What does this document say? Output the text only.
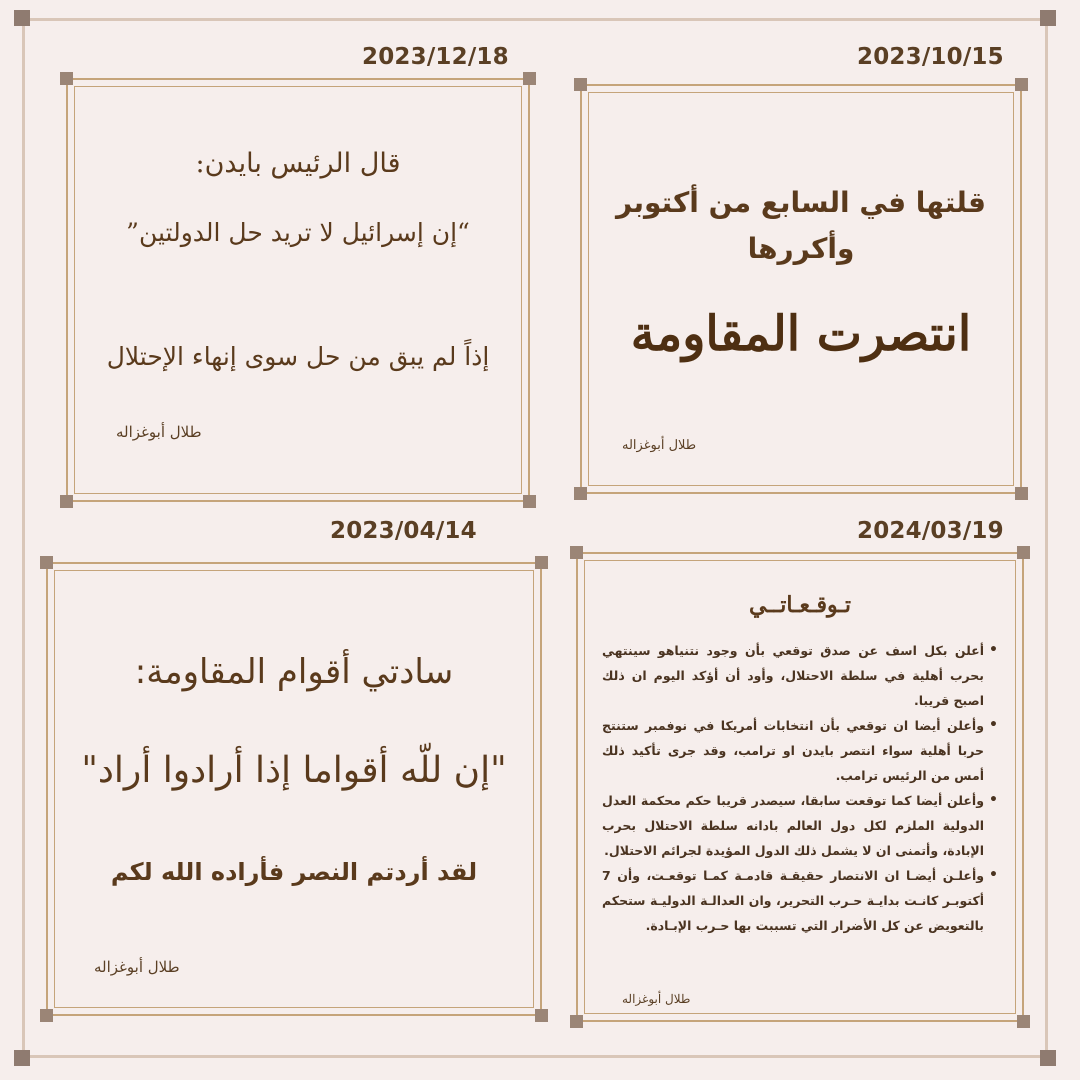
2023/12/18	2023/10/15
2023/04/14	2024/03/19
قال الرئيس بايدن:
“إن إسرائيل لا تريد حل الدولتين”
إذاً لم يبق من حل سوى إنهاء الإحتلال
طلال أبوغزاله
قلتها في السابع من أكتوبر
وأكررها
انتصرت المقاومة
طلال أبوغزاله
سادتي أقوام المقاومة:
"إن للّه أقواما إذا أرادوا أراد"
لقد أردتم النصر فأراده الله لكم
طلال أبوغزاله
تـوقـعـاتــي
• أعلن بكل اسف عن صدق توقعي بأن وجود نتنياهو سينتهي بحرب أهلية في سلطة الاحتلال، وأود أن أؤكد اليوم ان ذلك اصبح قريبا.
• وأعلن أيضا ان توقعي بأن انتخابات أمريكا في نوفمبر ستنتج حربا أهلية سواء انتصر بايدن او ترامب، وقد جرى تأكيد ذلك أمس من الرئيس ترامب.
• وأعلن أيضا كما توقعت سابقا، سيصدر قريبا حكم محكمة العدل الدولية الملزم لكل دول العالم بادانه سلطة الاحتلال بحرب الإبادة، وأتمنى ان لا يشمل ذلك الدول المؤيدة لجرائم الاحتلال.
• وأعلـن أيضـا ان الانتصار حقيقـة قادمـة كمـا توقعـت، وأن 7 أكتوبـر كانـت بدايـة حـرب التحرير، وان العدالـة الدوليـة ستحكم بالتعويض عن كل الأضرار التي تسببت بها حـرب الإبـادة.
طلال أبوغزاله
